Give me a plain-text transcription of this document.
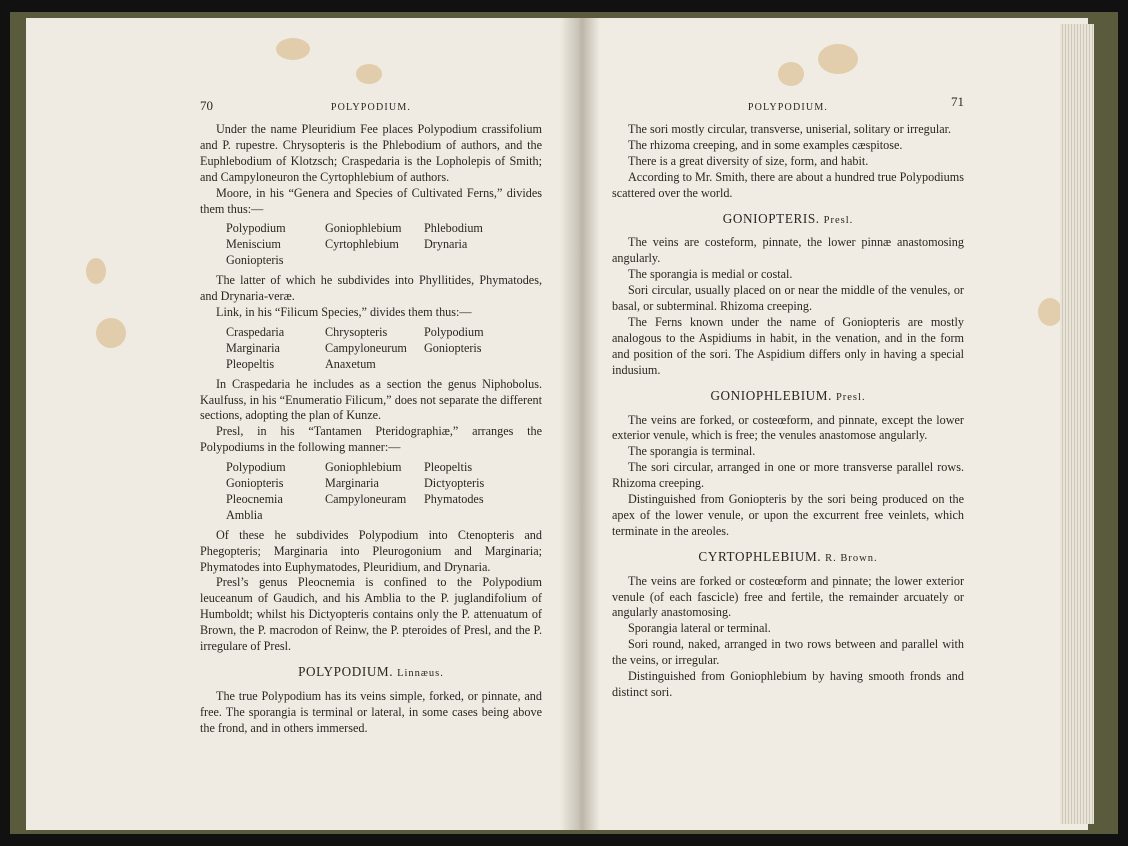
70	POLYPODIUM.

Under the name Pleuridium Fee places Polypodium crassifolium and P. rupestre. Chrysopteris is the Phlebodium of authors, and the Euphlebodium of Klotzsch; Craspedaria is the Lopholepis of Smith; and Campyloneuron the Cyrtophlebium of authors.

Moore, in his “Genera and Species of Cultivated Ferns,” divides them thus:—

Polypodium	Goniophlebium	Phlebodium
Meniscium	Cyrtophlebium	Drynaria
Goniopteris

The latter of which he subdivides into Phyllitides, Phymatodes, and Drynaria-veræ.

Link, in his “Filicum Species,” divides them thus:—

Craspedaria	Chrysopteris	Polypodium
Marginaria	Campyloneurum	Goniopteris
Pleopeltis	Anaxetum

In Craspedaria he includes as a section the genus Niphobolus. Kaulfuss, in his “Enumeratio Filicum,” does not separate the different sections, adopting the plan of Kunze.

Presl, in his “Tantamen Pteridographiæ,” arranges the Polypodiums in the following manner:—

Polypodium	Goniophlebium	Pleopeltis
Goniopteris	Marginaria	Dictyopteris
Pleocnemia	Campyloneuram	Phymatodes
Amblia

Of these he subdivides Polypodium into Ctenopteris and Phegopteris; Marginaria into Pleurogonium and Marginaria; Phymatodes into Euphymatodes, Pleuridium, and Drynaria.

Presl’s genus Pleocnemia is confined to the Polypodium leuceanum of Gaudich, and his Amblia to the P. juglandifolium of Humboldt; whilst his Dictyopteris contains only the P. attenuatum of Brown, the P. macrodon of Reinw, the P. pteroides of Presl, and the P. irregulare of Presl.

POLYPODIUM. Linnæus.

The true Polypodium has its veins simple, forked, or pinnate, and free. The sporangia is terminal or lateral, in some cases being above the frond, and in others immersed.

71
POLYPODIUM.

The sori mostly circular, transverse, uniserial, solitary or irregular.

The rhizoma creeping, and in some examples cæspitose.

There is a great diversity of size, form, and habit.

According to Mr. Smith, there are about a hundred true Polypodiums scattered over the world.

GONIOPTERIS. Presl.

The veins are costeform, pinnate, the lower pinnæ anastomosing angularly.

The sporangia is medial or costal.

Sori circular, usually placed on or near the middle of the venules, or basal, or subterminal. Rhizoma creeping.

The Ferns known under the name of Goniopteris are mostly analogous to the Aspidiums in habit, in the venation, and in the form and position of the sori. The Aspidium differs only in having a special indusium.

GONIOPHLEBIUM. Presl.

The veins are forked, or costeœform, and pinnate, except the lower exterior venule, which is free; the venules anastomose angularly.

The sporangia is terminal.

The sori circular, arranged in one or more transverse parallel rows. Rhizoma creeping.

Distinguished from Goniopteris by the sori being produced on the apex of the lower venule, or upon the excurrent free veinlets, which terminate in the areoles.

CYRTOPHLEBIUM. R. Brown.

The veins are forked or costeœform and pinnate; the lower exterior venule (of each fascicle) free and fertile, the remainder arcuately or angularly anastomosing.

Sporangia lateral or terminal.

Sori round, naked, arranged in two rows between and parallel with the veins, or irregular.

Distinguished from Goniophlebium by having smooth fronds and distinct sori.
